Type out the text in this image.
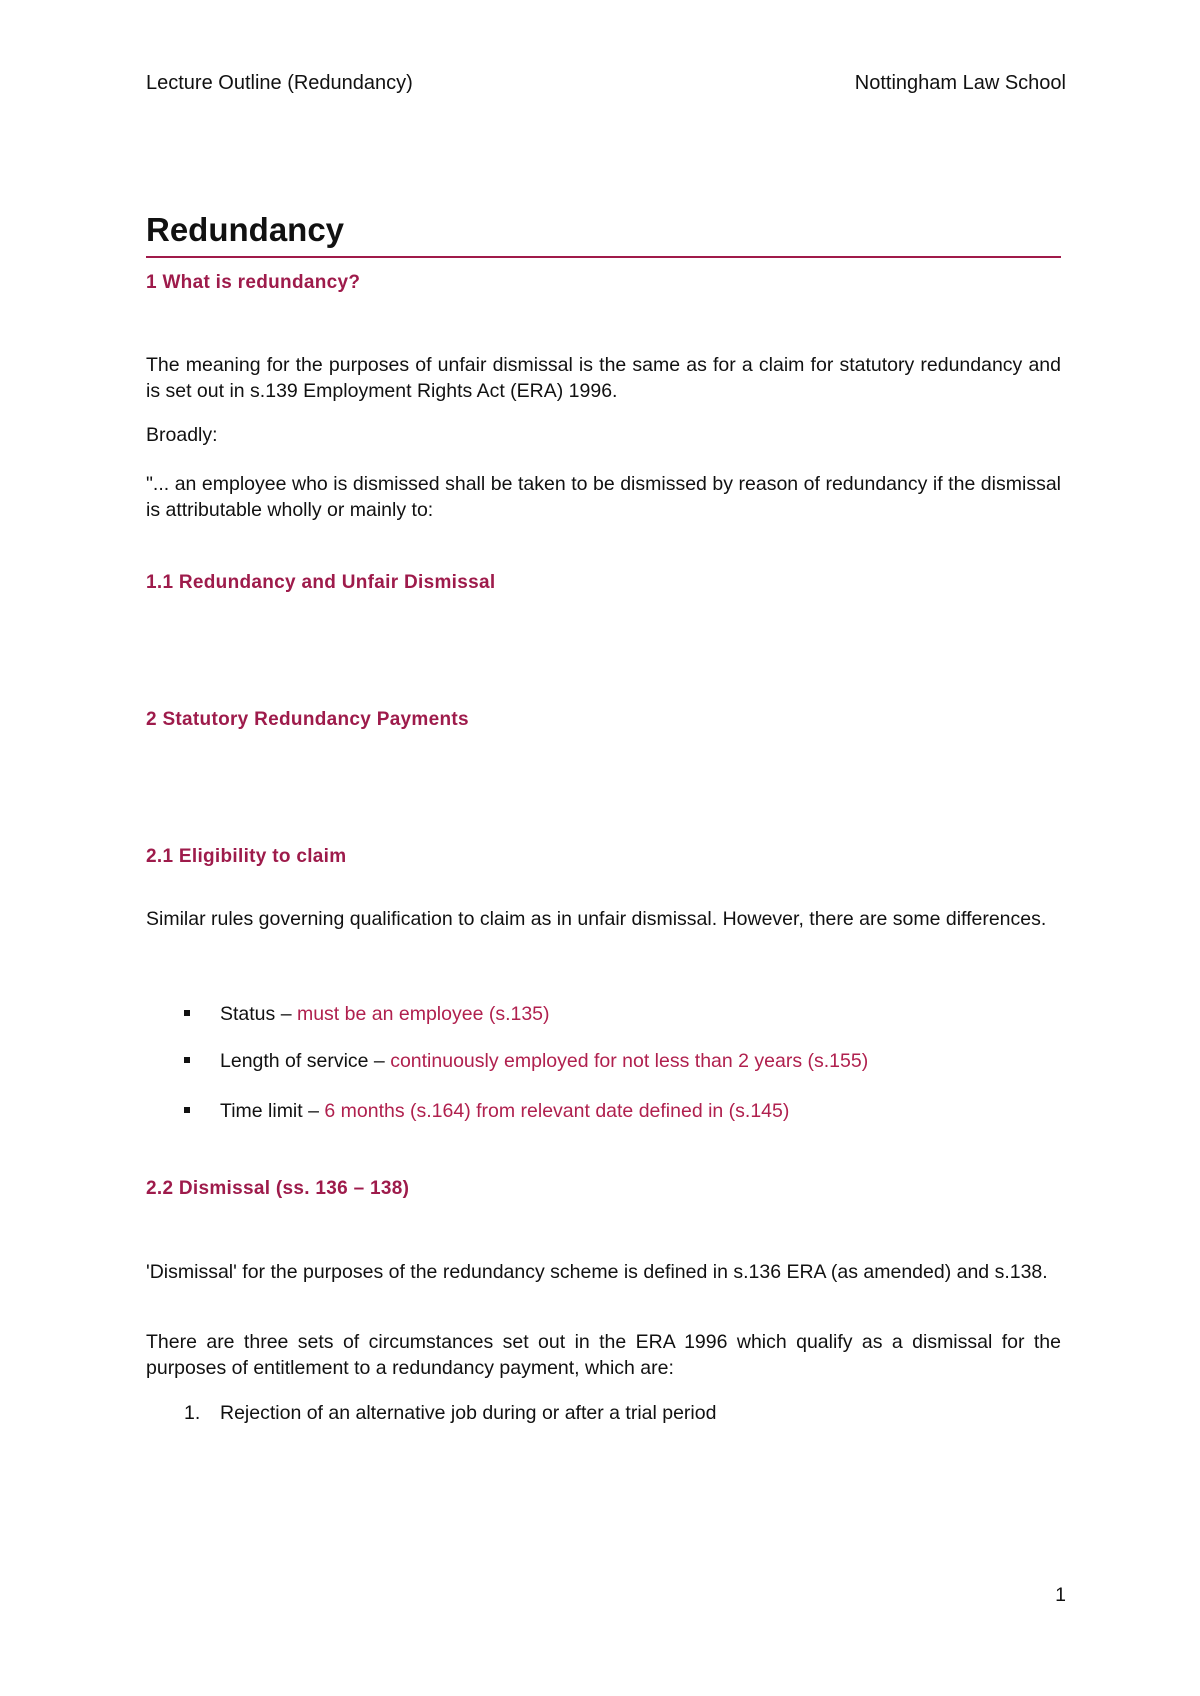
Lecture Outline (Redundancy)	Nottingham Law School
Redundancy
1 What is redundancy?
The meaning for the purposes of unfair dismissal is the same as for a claim for statutory redundancy and is set out in s.139 Employment Rights Act (ERA) 1996.
Broadly:
"... an employee who is dismissed shall be taken to be dismissed by reason of redundancy if the dismissal is attributable wholly or mainly to:
1.1 Redundancy and Unfair Dismissal
2 Statutory Redundancy Payments
2.1 Eligibility to claim
Similar rules governing qualification to claim as in unfair dismissal. However, there are some differences.
Status – must be an employee (s.135)
Length of service – continuously employed for not less than 2 years (s.155)
Time limit – 6 months (s.164) from relevant date defined in (s.145)
2.2 Dismissal (ss. 136 – 138)
'Dismissal' for the purposes of the redundancy scheme is defined in s.136 ERA (as amended) and s.138.
There are three sets of circumstances set out in the ERA 1996 which qualify as a dismissal for the purposes of entitlement to a redundancy payment, which are:
1. Rejection of an alternative job during or after a trial period
1
